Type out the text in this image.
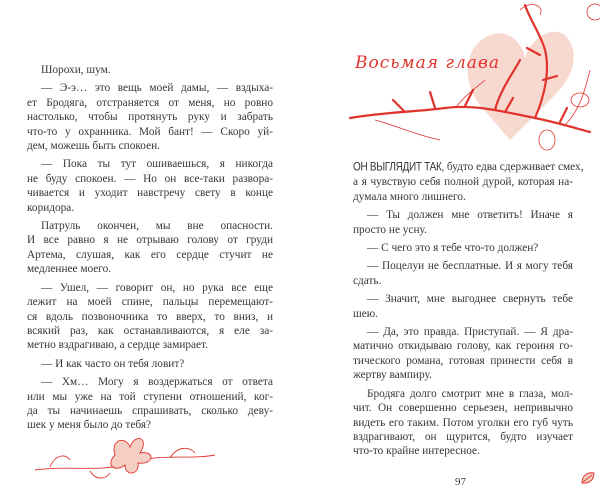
Восьмая глава
Шорохи, шум.
— Э-э… это вещь моей дамы, — вздыха-
ет Бродяга, отстраняется от меня, но ровно
настолько, чтобы протянуть руку и забрать
что-то у охранника. Мой бант! — Скоро уй-
дем, можешь быть спокоен.
— Пока ты тут ошиваешься, я никогда
не буду спокоен. — Но он все-таки развора-
чивается и уходит навстречу свету в конце
коридора.
Патруль окончен, мы вне опасности.
И все равно я не отрываю голову от груди
Артема, слушая, как его сердце стучит не
медленнее моего.
— Ушел, — говорит он, но рука все еще
лежит на моей спине, пальцы перемещают-
ся вдоль позвоночника то вверх, то вниз, и
всякий раз, как останавливаются, я еле за-
метно вздрагиваю, а сердце замирает.
— И как часто он тебя ловит?
— Хм… Могу я воздержаться от ответа
или мы уже на той ступени отношений, ког-
да ты начинаешь спрашивать, сколько деву-
шек у меня было до тебя?
ОН ВЫГЛЯДИТ ТАК, будто едва сдерживает смех,
а я чувствую себя полной дурой, которая на-
думала много лишнего.
— Ты должен мне ответить! Иначе я
просто не усну.
— С чего это я тебе что-то должен?
— Поцелуи не бесплатные. И я могу тебя
сдать.
— Значит, мне выгоднее свернуть тебе
шею.
— Да, это правда. Приступай. — Я дра-
матично откидываю голову, как героиня го-
тического романа, готовая принести себя в
жертву вампиру.
Бродяга долго смотрит мне в глаза, мол-
чит. Он совершенно серьезен, непривычно
видеть его таким. Потом уголки его губ чуть
вздрагивают, он щурится, будто изучает
что-то крайне интересное.
97
